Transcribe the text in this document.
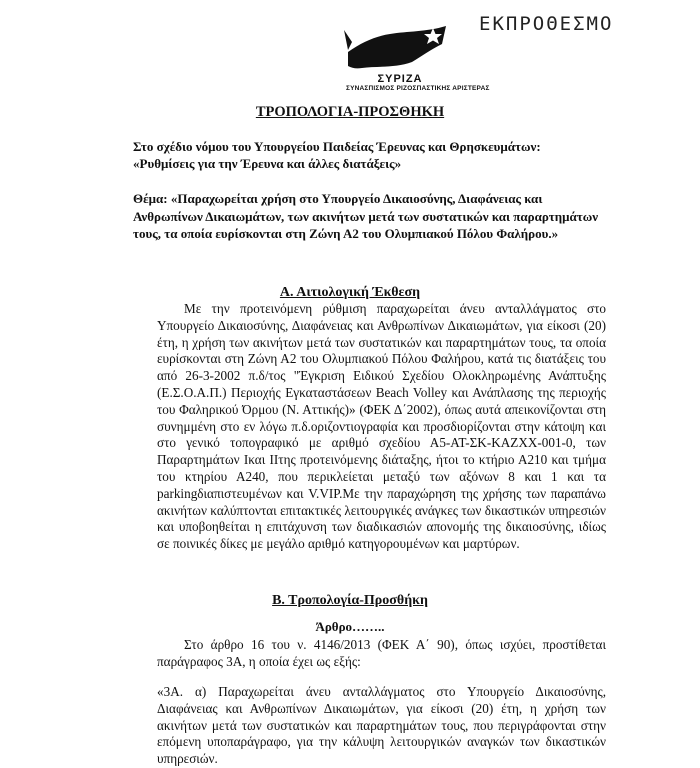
ΕΚΠΡΟΘΕΣΜΟ
ΣΥΡΙΖΑ
ΣΥΝΑΣΠΙΣΜΟΣ ΡΙΖΟΣΠΑΣΤΙΚΗΣ ΑΡΙΣΤΕΡΑΣ
ΤΡΟΠΟΛΟΓΙΑ-ΠΡΟΣΘΗΚΗ
Στο σχέδιο νόμου του Υπουργείου Παιδείας Έρευνας και Θρησκευμάτων: «Ρυθμίσεις για την Έρευνα και άλλες διατάξεις»
Θέμα: «Παραχωρείται χρήση στο Υπουργείο Δικαιοσύνης, Διαφάνειας και Ανθρωπίνων Δικαιωμάτων, των ακινήτων μετά των συστατικών και παραρτημάτων τους, τα οποία ευρίσκονται στη Ζώνη Α2 του Ολυμπιακού Πόλου Φαλήρου.»
Α. Αιτιολογική Έκθεση
Με την προτεινόμενη ρύθμιση παραχωρείται άνευ ανταλλάγματος στο Υπουργείο Δικαιοσύνης, Διαφάνειας και Ανθρωπίνων Δικαιωμάτων, για είκοσι (20) έτη, η χρήση των ακινήτων μετά των συστατικών και παραρτημάτων τους, τα οποία ευρίσκονται στη Ζώνη Α2 του Ολυμπιακού Πόλου Φαλήρου, κατά τις διατάξεις του από 26-3-2002 π.δ/τος "Έγκριση Ειδικού Σχεδίου Ολοκληρωμένης Ανάπτυξης (Ε.Σ.Ο.Α.Π.) Περιοχής Εγκαταστάσεων Beach Volley και Ανάπλασης της περιοχής του Φαληρικού Όρμου (Ν. Αττικής)» (ΦΕΚ Δ΄2002), όπως αυτά απεικονίζονται στη συνημμένη στο εν λόγω π.δ.οριζοντιογραφία και προσδιορίζονται στην κάτοψη και στο γενικό τοπογραφικό με αριθμό σχεδίου Α5-ΑΤ-ΣΚ-ΚΑΖΧΧ-001-0, των Παραρτημάτων Ικαι ΙΙτης προτεινόμενης διάταξης, ήτοι το κτήριο Α210 και τμήμα του κτηρίου Α240, που περικλείεται μεταξύ των αξόνων 8 και 1 και τα parkingδιαπιστευμένων και V.VIP.Με την παραχώρηση της χρήσης των παραπάνω ακινήτων καλύπτονται επιτακτικές λειτουργικές ανάγκες των δικαστικών υπηρεσιών και υποβοηθείται η επιτάχυνση των διαδικασιών απονομής της δικαιοσύνης, ιδίως σε ποινικές δίκες με μεγάλο αριθμό κατηγορουμένων και μαρτύρων.
Β. Τροπολογία-Προσθήκη
Άρθρο……..
Στο άρθρο 16 του ν. 4146/2013 (ΦΕΚ Α΄ 90), όπως ισχύει, προστίθεται παράγραφος 3Α, η οποία έχει ως εξής:
«3Α. α) Παραχωρείται άνευ ανταλλάγματος στο Υπουργείο Δικαιοσύνης, Διαφάνειας και Ανθρωπίνων Δικαιωμάτων, για είκοσι (20) έτη, η χρήση των ακινήτων μετά των συστατικών και παραρτημάτων τους, που περιγράφονται στην επόμενη υποπαράγραφο, για την κάλυψη λειτουργικών αναγκών των δικαστικών υπηρεσιών.
